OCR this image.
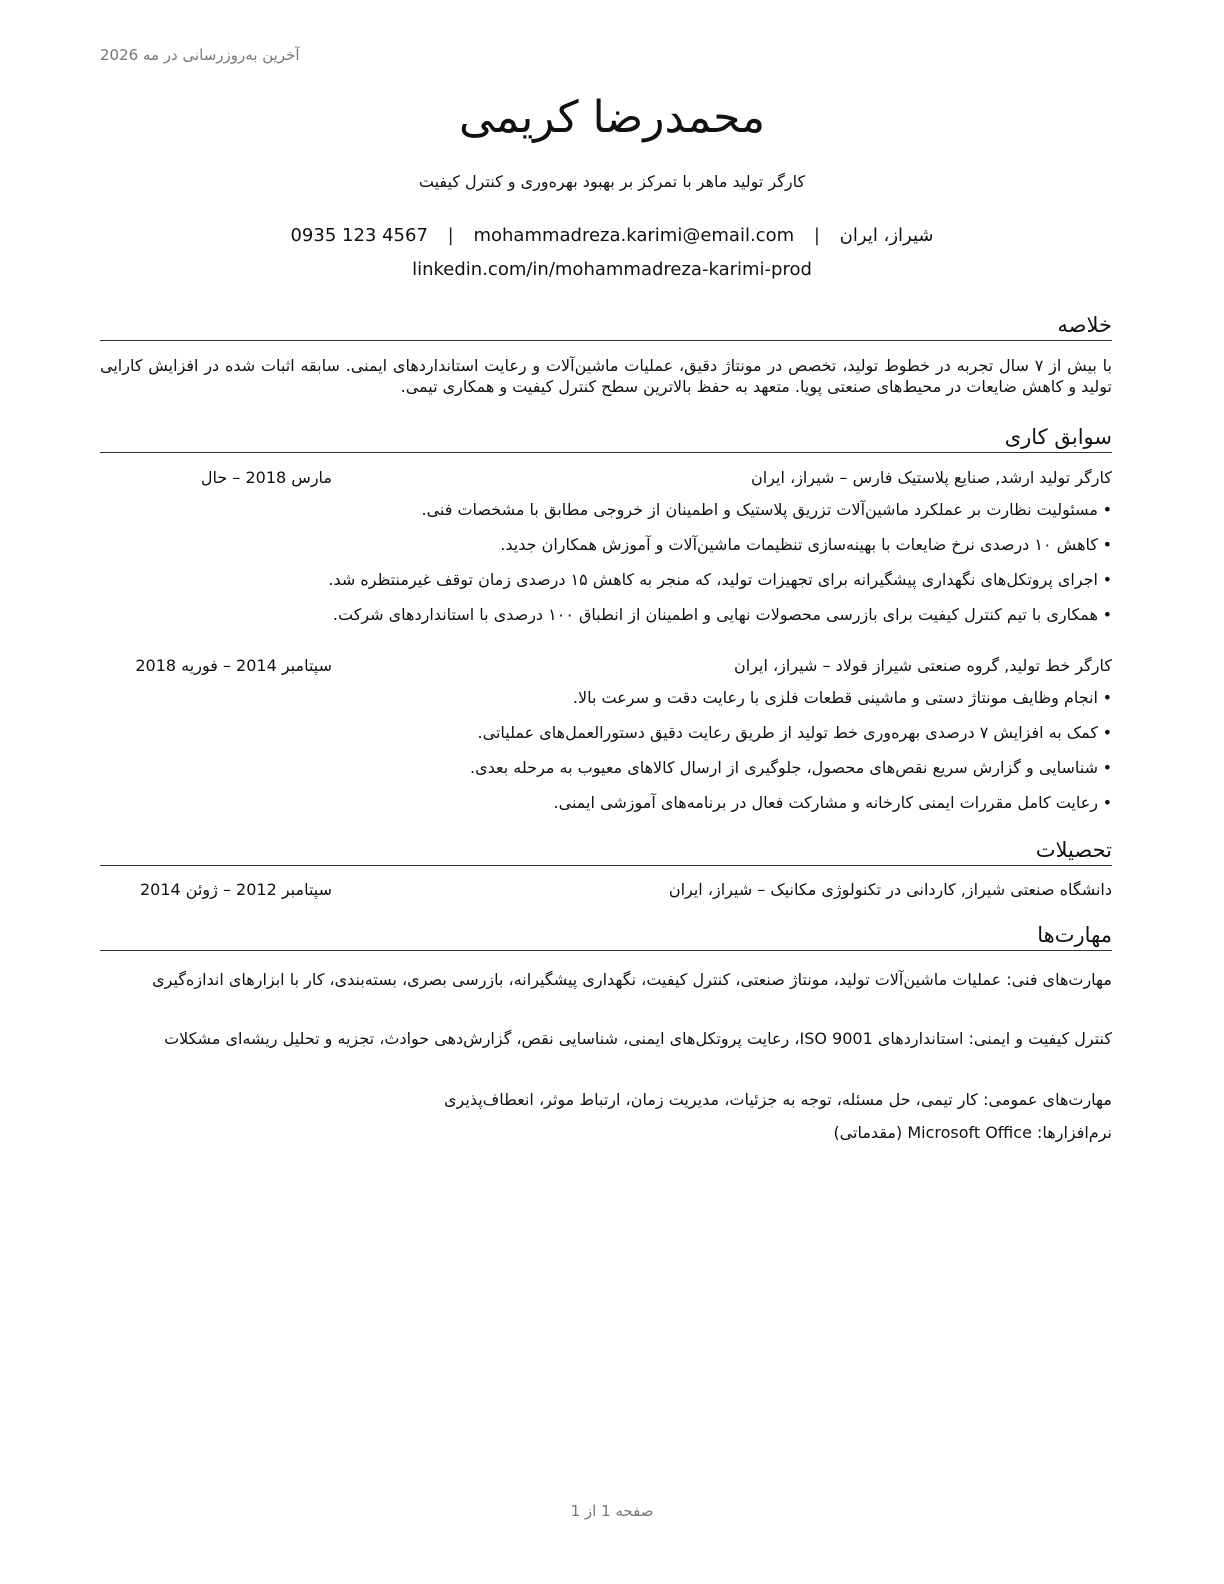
آخرین به‌روزرسانی در مه 2026
محمدرضا کریمی
کارگر تولید ماهر با تمرکز بر بهبود بهره‌وری و کنترل کیفیت
0935 123 4567 | mohammadreza.karimi@email.com | شیراز، ایران
linkedin.com/in/mohammadreza-karimi-prod
خلاصه
با بیش از ۷ سال تجربه در خطوط تولید، تخصص در مونتاژ دقیق، عملیات ماشین‌آلات و رعایت استانداردهای ایمنی. سابقه اثبات شده در افزایش کارایی تولید و کاهش ضایعات در محیط‌های صنعتی پویا. متعهد به حفظ بالاترین سطح کنترل کیفیت و همکاری تیمی.
سوابق کاری
کارگر تولید ارشد, صنایع پلاستیک فارس – شیراز، ایران
مارس 2018 – حال
•مسئولیت نظارت بر عملکرد ماشین‌آلات تزریق پلاستیک و اطمینان از خروجی مطابق با مشخصات فنی.
•کاهش ۱۰ درصدی نرخ ضایعات با بهینه‌سازی تنظیمات ماشین‌آلات و آموزش همکاران جدید.
•اجرای پروتکل‌های نگهداری پیشگیرانه برای تجهیزات تولید، که منجر به کاهش ۱۵ درصدی زمان توقف غیرمنتظره شد.
•همکاری با تیم کنترل کیفیت برای بازرسی محصولات نهایی و اطمینان از انطباق ۱۰۰ درصدی با استانداردهای شرکت.
کارگر خط تولید, گروه صنعتی شیراز فولاد – شیراز، ایران
سپتامبر 2014 – فوریه 2018
•انجام وظایف مونتاژ دستی و ماشینی قطعات فلزی با رعایت دقت و سرعت بالا.
•کمک به افزایش ۷ درصدی بهره‌وری خط تولید از طریق رعایت دقیق دستورالعمل‌های عملیاتی.
•شناسایی و گزارش سریع نقص‌های محصول، جلوگیری از ارسال کالاهای معیوب به مرحله بعدی.
•رعایت کامل مقررات ایمنی کارخانه و مشارکت فعال در برنامه‌های آموزشی ایمنی.
تحصیلات
دانشگاه صنعتی شیراز, کاردانی در تکنولوژی مکانیک – شیراز، ایران
سپتامبر 2012 – ژوئن 2014
مهارت‌ها
مهارت‌های فنی: عملیات ماشین‌آلات تولید، مونتاژ صنعتی، کنترل کیفیت، نگهداری پیشگیرانه، بازرسی بصری، بسته‌بندی، کار با ابزارهای اندازه‌گیری
کنترل کیفیت و ایمنی: استانداردهای ISO 9001، رعایت پروتکل‌های ایمنی، شناسایی نقص، گزارش‌دهی حوادث، تجزیه و تحلیل ریشه‌ای مشکلات
مهارت‌های عمومی: کار تیمی، حل مسئله، توجه به جزئیات، مدیریت زمان، ارتباط موثر، انعطاف‌پذیری
نرم‌افزارها: Microsoft Office (مقدماتی)
صفحه 1 از 1
